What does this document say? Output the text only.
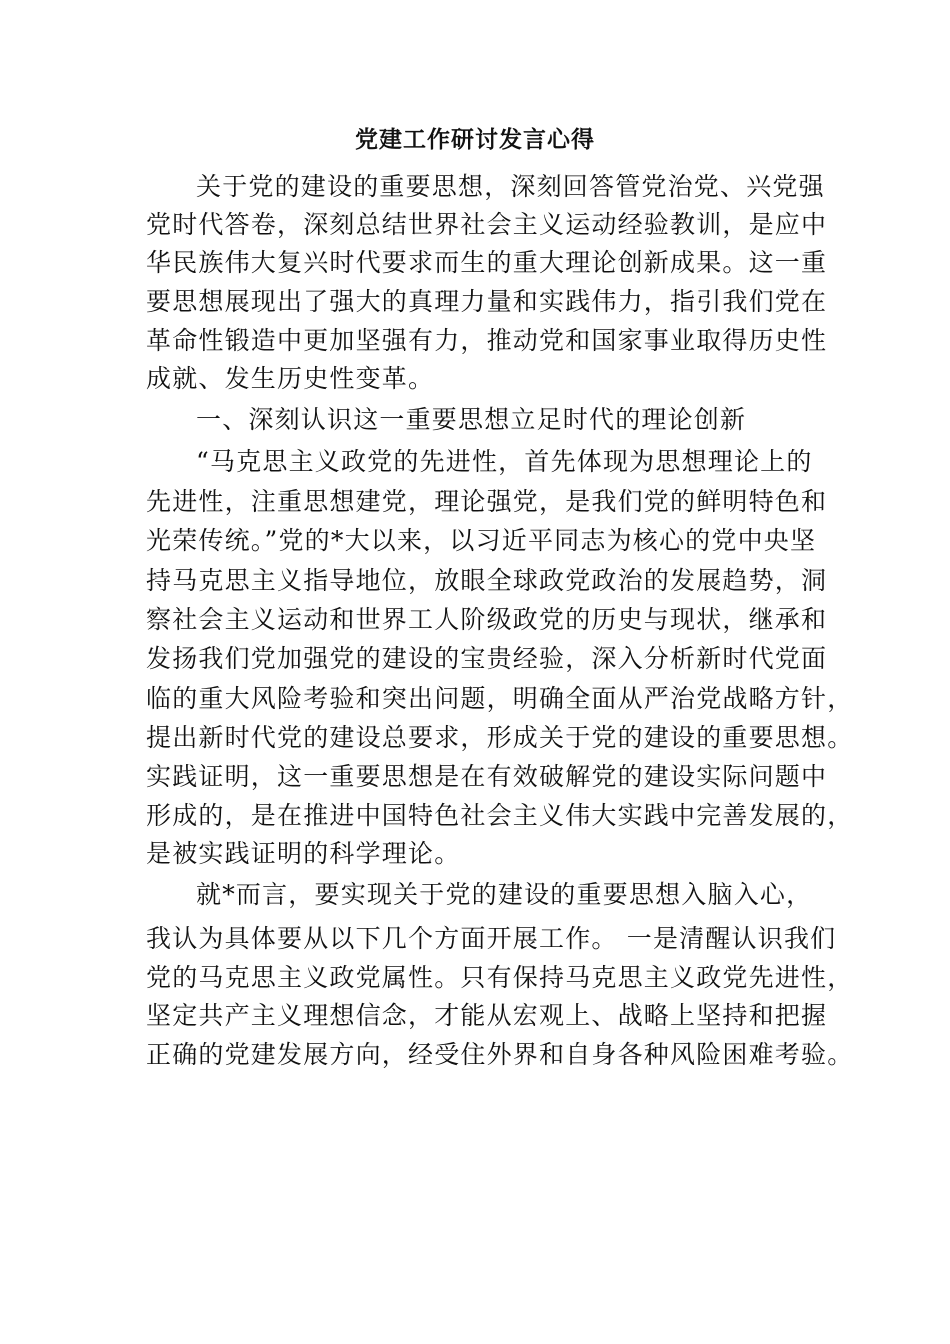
党建工作研讨发言心得
关于党的建设的重要思想，深刻回答管党治党、兴党强
党时代答卷，深刻总结世界社会主义运动经验教训，是应中
华民族伟大复兴时代要求而生的重大理论创新成果。这一重
要思想展现出了强大的真理力量和实践伟力，指引我们党在
革命性锻造中更加坚强有力，推动党和国家事业取得历史性
成就、发生历史性变革。
一、深刻认识这一重要思想立足时代的理论创新
“马克思主义政党的先进性，首先体现为思想理论上的
先进性，注重思想建党，理论强党，是我们党的鲜明特色和
光荣传统。”党的*大以来，以习近平同志为核心的党中央坚
持马克思主义指导地位，放眼全球政党政治的发展趋势，洞
察社会主义运动和世界工人阶级政党的历史与现状，继承和
发扬我们党加强党的建设的宝贵经验，深入分析新时代党面
临的重大风险考验和突出问题，明确全面从严治党战略方针，
提出新时代党的建设总要求，形成关于党的建设的重要思想。
实践证明，这一重要思想是在有效破解党的建设实际问题中
形成的，是在推进中国特色社会主义伟大实践中完善发展的，
是被实践证明的科学理论。
就*而言，要实现关于党的建设的重要思想入脑入心，
我认为具体要从以下几个方面开展工作。 一是清醒认识我们
党的马克思主义政党属性。只有保持马克思主义政党先进性，
坚定共产主义理想信念，才能从宏观上、战略上坚持和把握
正确的党建发展方向，经受住外界和自身各种风险困难考验。
